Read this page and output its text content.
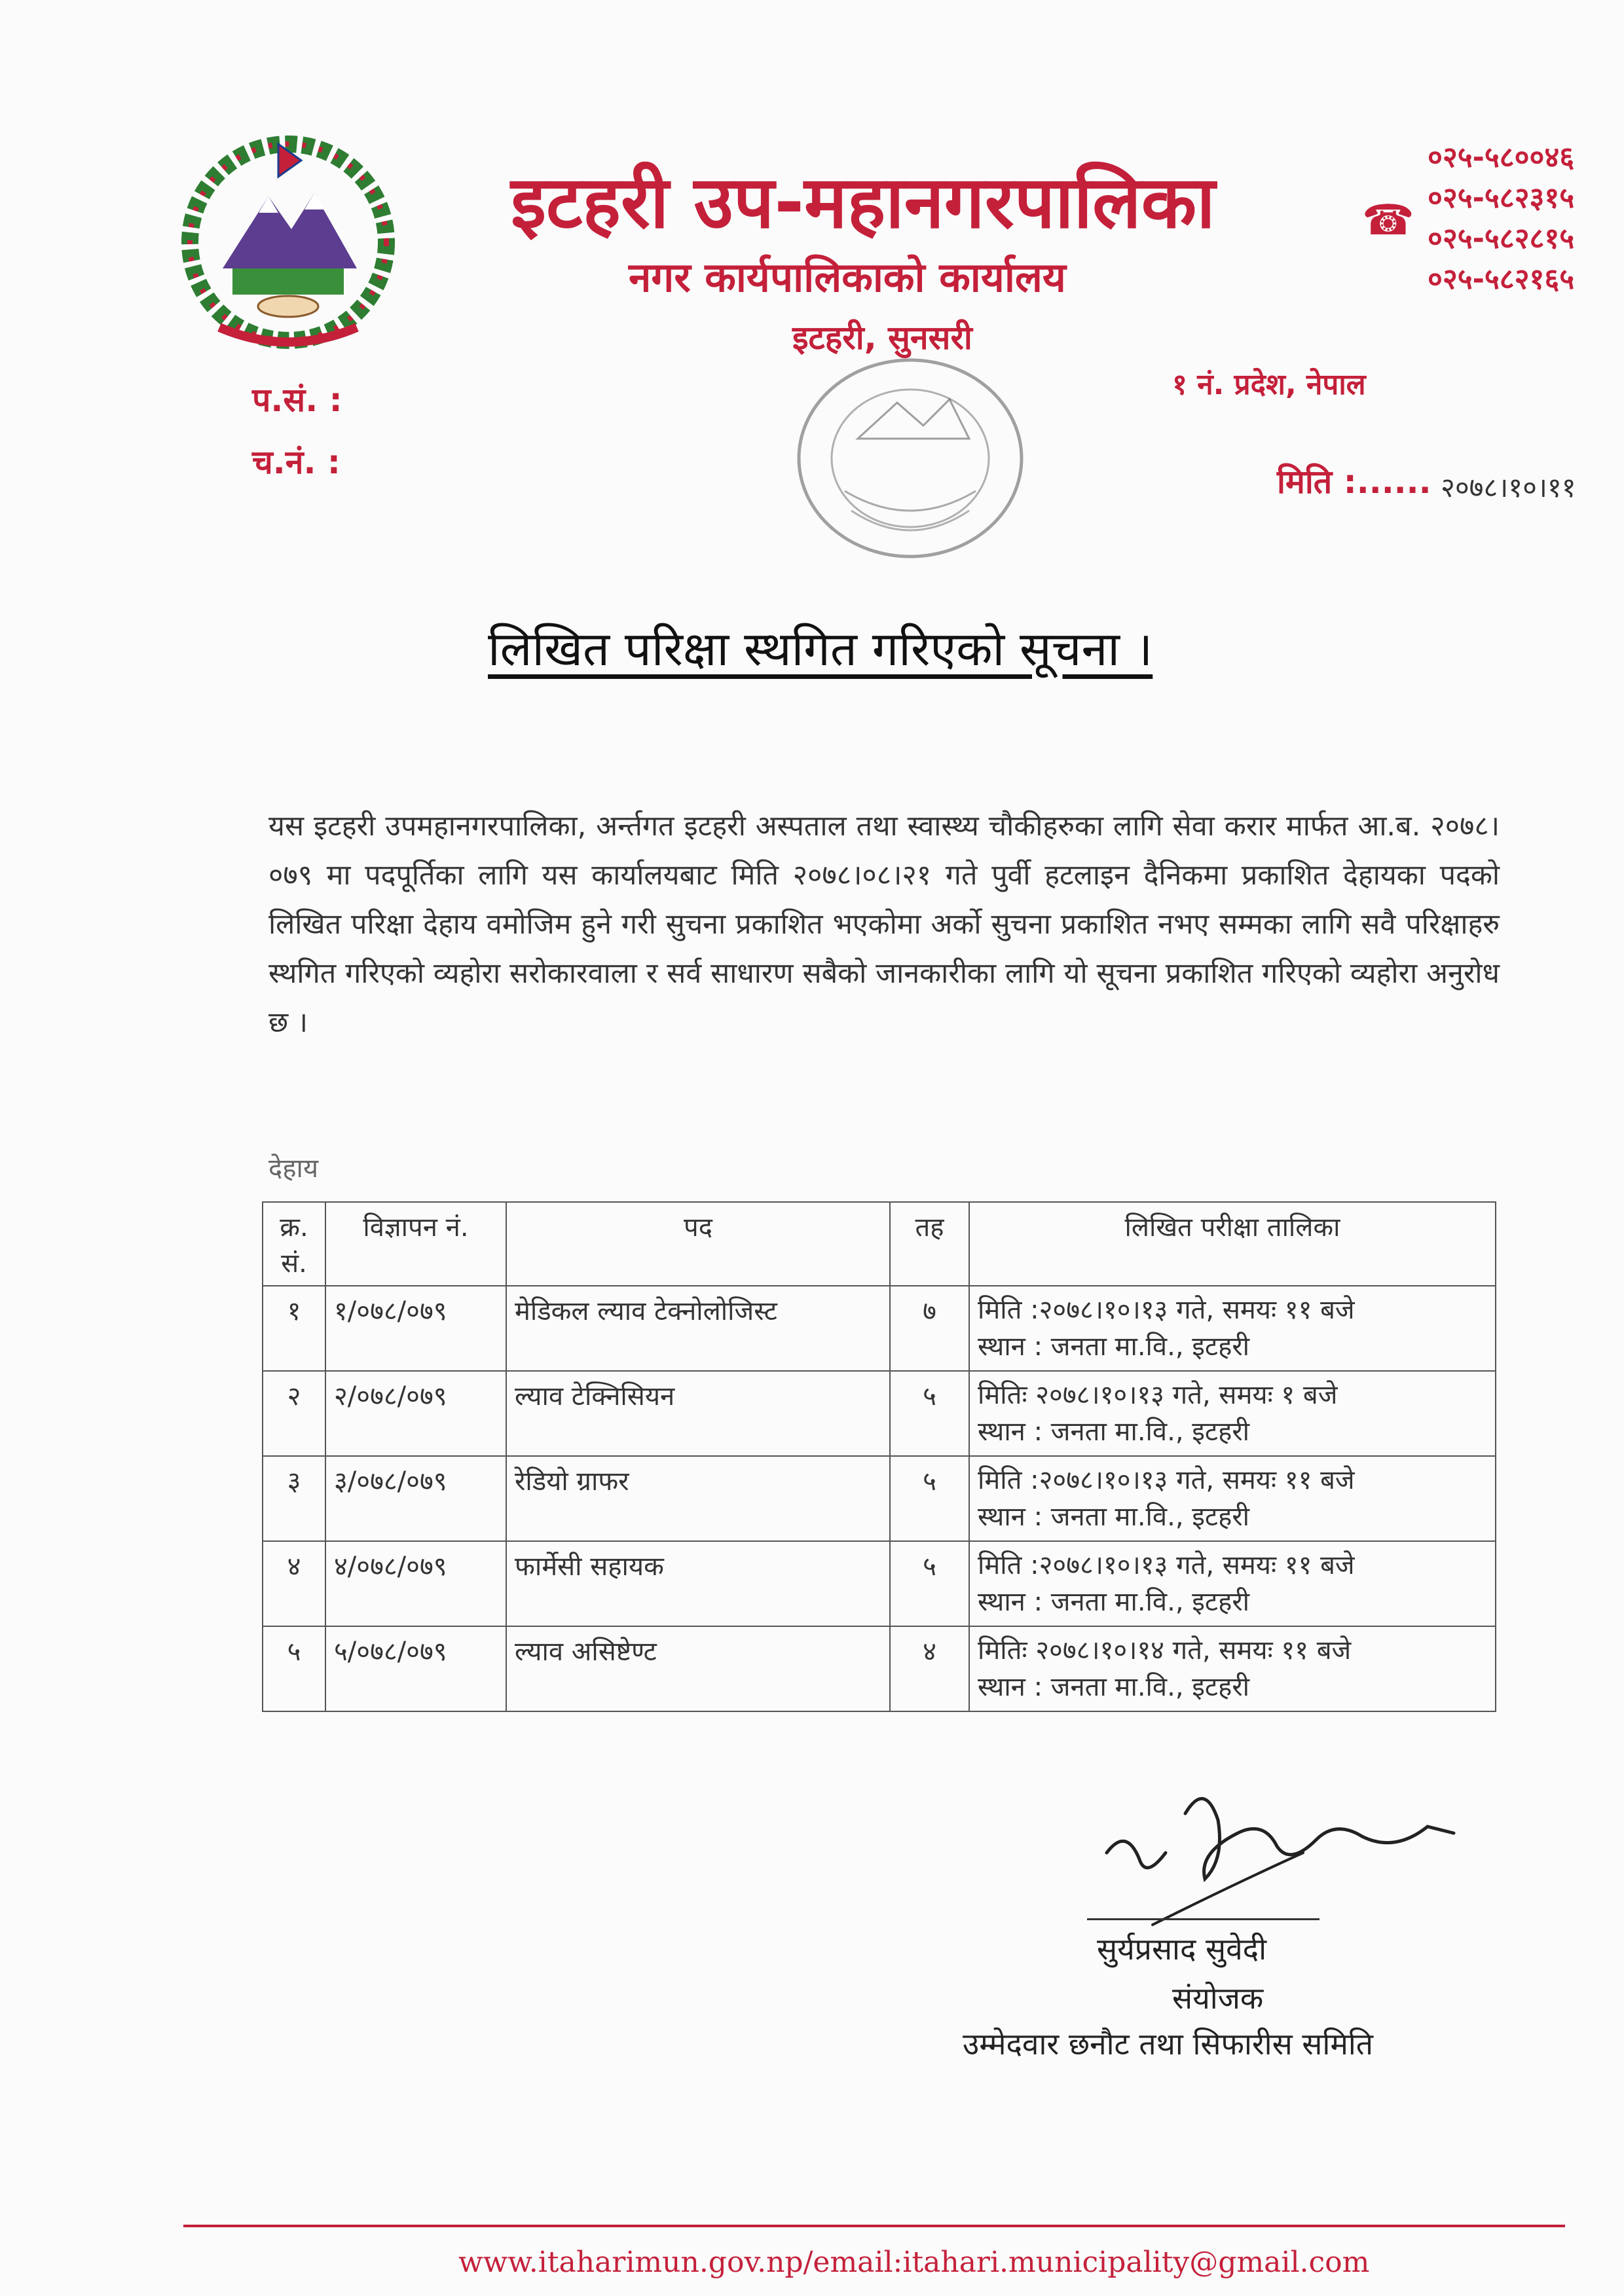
इटहरी उप-महानगरपालिका
नगर कार्यपालिकाको कार्यालय
इटहरी, सुनसरी
☎
०२५-५८००४६
०२५-५८२३१५
०२५-५८२८१५
०२५-५८२१६५
१ नं. प्रदेश, नेपाल
प.सं. :
च.नं. :
मिति :...... २०७८।१०।११
लिखित परिक्षा स्थगित गरिएको सूचना ।
यस इटहरी उपमहानगरपालिका, अर्न्तगत इटहरी अस्पताल तथा स्वास्थ्य चौकीहरुका लागि सेवा करार मार्फत आ.ब. २०७८।०७९ मा पदपूर्तिका लागि यस कार्यालयबाट मिति २०७८।०८।२१ गते पुर्वी हटलाइन दैनिकमा प्रकाशित देहायका पदको लिखित परिक्षा देहाय वमोजिम हुने गरी सुचना प्रकाशित भएकोमा अर्को सुचना प्रकाशित नभए सम्मका लागि सवै परिक्षाहरु स्थगित गरिएको व्यहोरा सरोकारवाला र सर्व साधारण सबैको जानकारीका लागि यो सूचना प्रकाशित गरिएको व्यहोरा अनुरोध छ ।
देहाय
क्र. सं.	विज्ञापन नं.	पद	तह	लिखित परीक्षा तालिका
१	१/०७८/०७९	मेडिकल ल्याव टेक्नोलोजिस्ट	७	मिति :२०७८।१०।१३ गते, समयः ११ बजे
स्थान : जनता मा.वि., इटहरी

२	२/०७८/०७९	ल्याव टेक्निसियन	५	मितिः २०७८।१०।१३ गते, समयः १ बजे
स्थान : जनता मा.वि., इटहरी

३	३/०७८/०७९	रेडियो ग्राफर	५	मिति :२०७८।१०।१३ गते, समयः ११ बजे
स्थान : जनता मा.वि., इटहरी

४	४/०७८/०७९	फार्मेसी सहायक	५	मिति :२०७८।१०।१३ गते, समयः ११ बजे
स्थान : जनता मा.वि., इटहरी

५	५/०७८/०७९	ल्याव असिष्टेण्ट	४	मितिः २०७८।१०।१४ गते, समयः ११ बजे
स्थान : जनता मा.वि., इटहरी
सुर्यप्रसाद सुवेदी
संयोजक
उम्मेदवार छनौट तथा सिफारीस समिति
www.itaharimun.gov.np/email:itahari.municipality@gmail.com
